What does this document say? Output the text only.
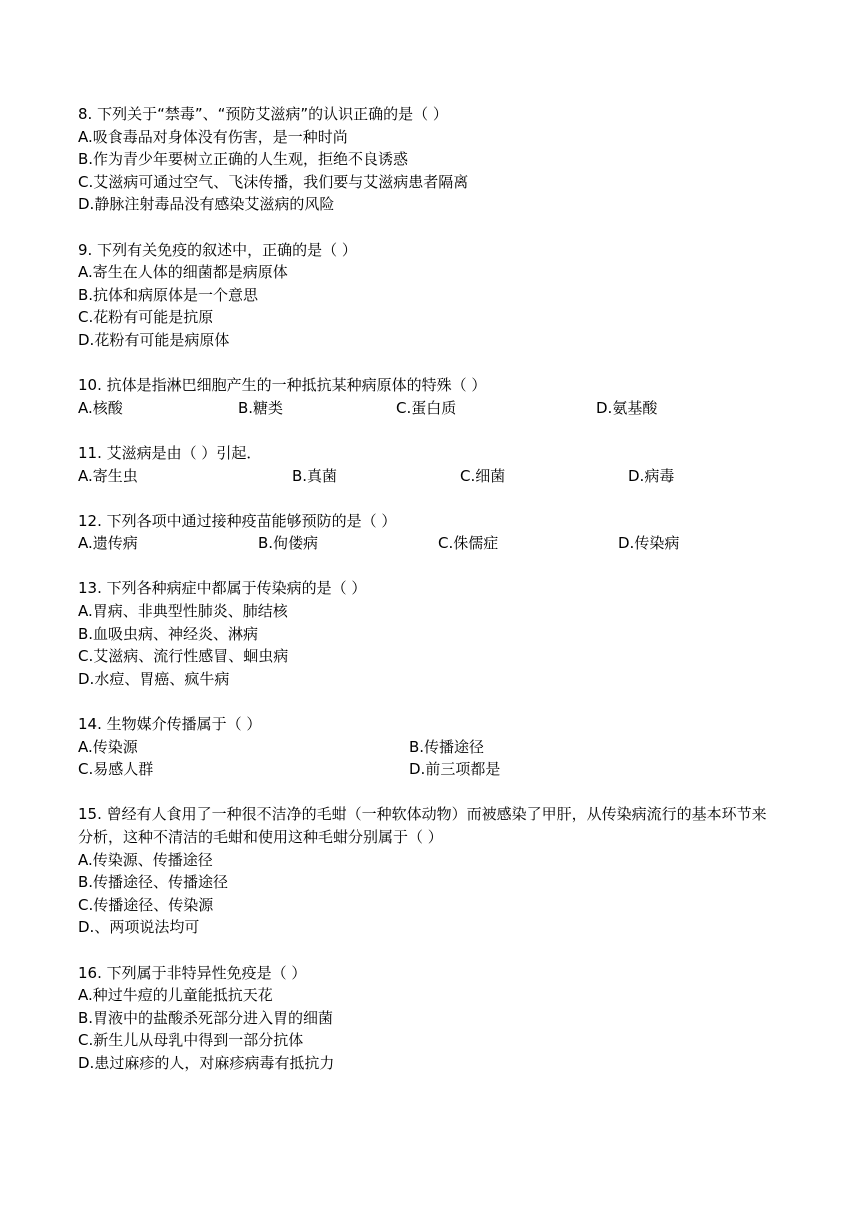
8. 下列关于“禁毒”、“预防艾滋病”的认识正确的是（ ）
A.吸食毒品对身体没有伤害，是一种时尚
B.作为青少年要树立正确的人生观，拒绝不良诱惑
C.艾滋病可通过空气、飞沫传播，我们要与艾滋病患者隔离
D.静脉注射毒品没有感染艾滋病的风险
9. 下列有关免疫的叙述中，正确的是（ ）
A.寄生在人体的细菌都是病原体
B.抗体和病原体是一个意思
C.花粉有可能是抗原
D.花粉有可能是病原体
10. 抗体是指淋巴细胞产生的一种抵抗某种病原体的特殊（ ）
A.核酸	B.糖类	C.蛋白质	D.氨基酸
11. 艾滋病是由（ ）引起．
A.寄生虫	B.真菌	C.细菌	D.病毒
12. 下列各项中通过接种疫苗能够预防的是（ ）
A.遗传病	B.佝偻病	C.侏儒症	D.传染病
13. 下列各种病症中都属于传染病的是（ ）
A.胃病、非典型性肺炎、肺结核
B.血吸虫病、神经炎、淋病
C.艾滋病、流行性感冒、蛔虫病
D.水痘、胃癌、疯牛病
14. 生物媒介传播属于（ ）
A.传染源	B.传播途径
C.易感人群	D.前三项都是
15. 曾经有人食用了一种很不洁净的毛蚶（一种软体动物）而被感染了甲肝，从传染病流行的基本环节来分析，这种不清洁的毛蚶和使用这种毛蚶分别属于（ ）
A.传染源、传播途径
B.传播途径、传播途径
C.传播途径、传染源
D.、两项说法均可
16. 下列属于非特异性免疫是（ ）
A.种过牛痘的儿童能抵抗天花
B.胃液中的盐酸杀死部分进入胃的细菌
C.新生儿从母乳中得到一部分抗体
D.患过麻疹的人，对麻疹病毒有抵抗力
